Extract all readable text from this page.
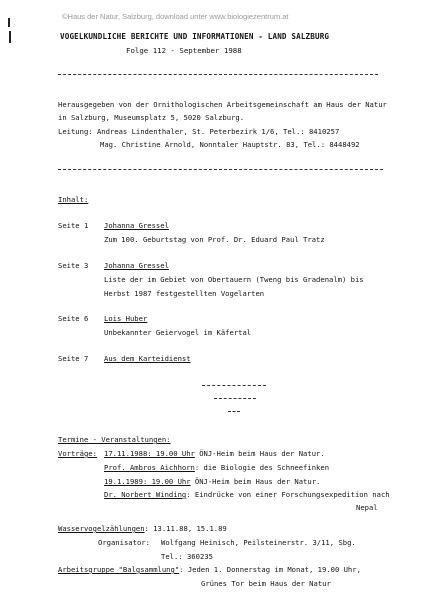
©Haus der Natur, Salzburg, download unter www.biologiezentrum.at
VOGELKUNDLICHE BERICHTE UND INFORMATIONEN - LAND SALZBURG
Folge 112 - September 1988
Herausgegeben von der Ornithologischen Arbeitsgemeinschaft am Haus der Natur
in Salzburg, Museumsplatz 5, 5020 Salzburg.
Leitung: Andreas Lindenthaler, St. Peterbezirk 1/6, Tel.: 8410257
Mag. Christine Arnold, Nonntaler Hauptstr. 83, Tel.: 8448492
Inhalt:
Seite 1 Johanna Gressel
Zum 100. Geburtstag von Prof. Dr. Eduard Paul Tratz
Seite 3 Johanna Gressel
Liste der im Gebiet von Obertauern (Tweng bis Gradenalm) bis
Herbst 1987 festgestellten Vogelarten
Seite 6 Lois Huber
Unbekannter Geiervogel im Käfertal
Seite 7 Aus dem Karteidienst
Termine - Veranstaltungen:
Vorträge: 17.11.1988: 19.00 Uhr ÖNJ-Heim beim Haus der Natur.
Prof. Ambros Aichhorn: die Biologie des Schneefinken
19.1.1989: 19.00 Uhr ÖNJ-Heim beim Haus der Natur.
Dr. Norbert Winding: Eindrücke von einer Forschungsexpedition nach
Nepal
Wasservogelzählungen: 13.11.88, 15.1.89
Organisator: Wolfgang Heinisch, Peilsteinerstr. 3/11, Sbg.
Tel.: 360235
Arbeitsgruppe "Balgsammlung": Jeden 1. Donnerstag im Monat, 19.00 Uhr,
Grünes Tor beim Haus der Natur
